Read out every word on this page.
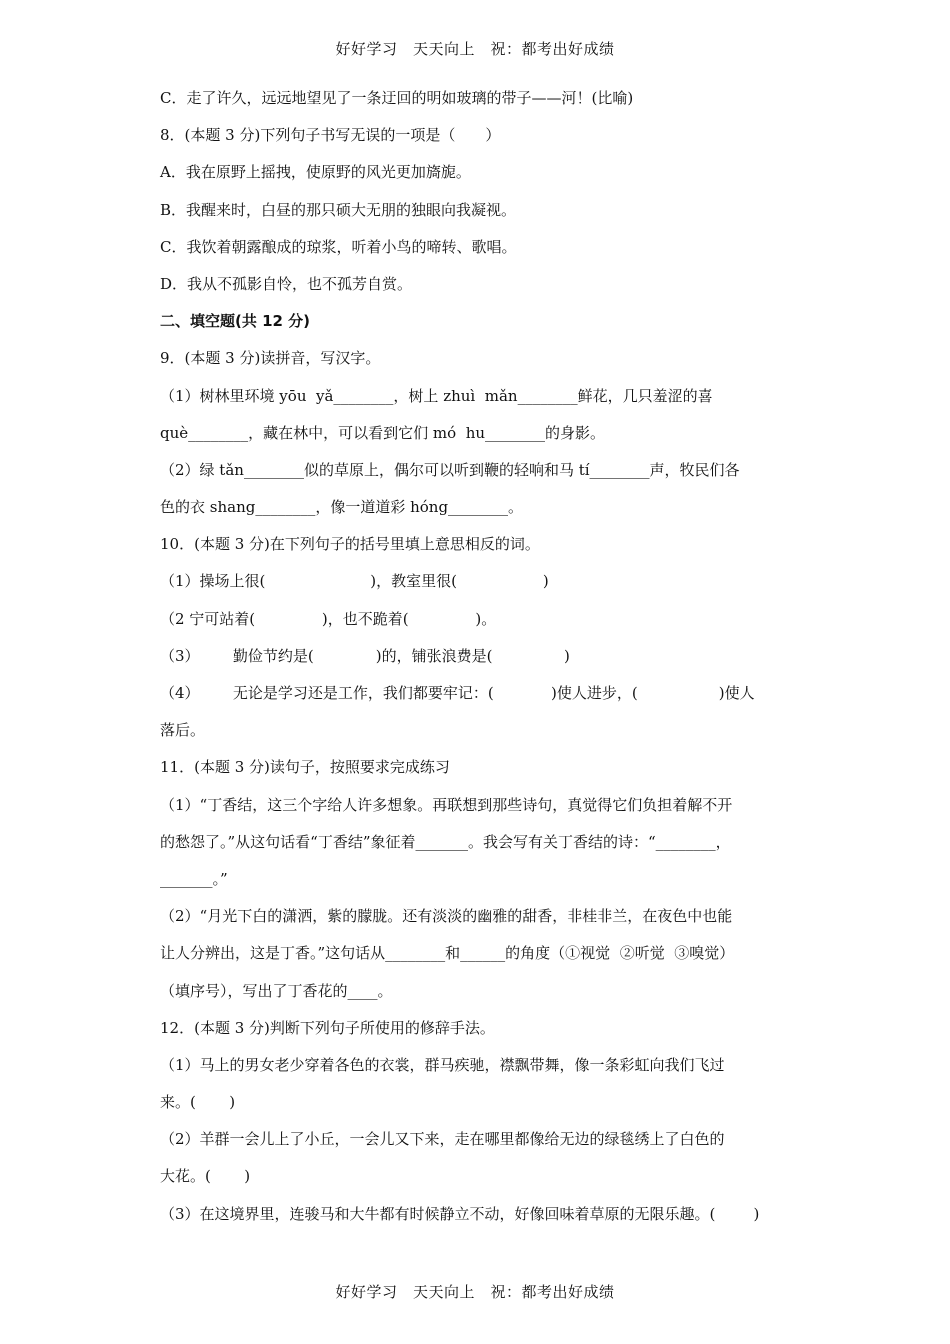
好好学习　天天向上　祝：都考出好成绩
C．走了许久，远远地望见了一条迂回的明如玻璃的带子——河！(比喻)
8．(本题 3 分)下列句子书写无误的一项是（　　）
A．我在原野上摇拽，使原野的风光更加旖旎。
B．我醒来时，白昼的那只硕大无朋的独眼向我凝视。
C．我饮着朝露酿成的琼浆，听着小鸟的啼转、歌唱。
D．我从不孤影自怜，也不孤芳自赏。
二、填空题(共 12 分)
9．(本题 3 分)读拼音，写汉字。
（1）树林里环境 yōu  yǎ________，树上 zhuì  mǎn________鲜花，几只羞涩的喜
què________，藏在林中，可以看到它们 mó  hu________的身影。
（2）绿 tǎn________似的草原上，偶尔可以听到鞭的轻响和马 tí________声，牧民们各
色的衣 shang________，像一道道彩 hóng________。
10．(本题 3 分)在下列句子的括号里填上意思相反的词。
（1）操场上很(                      )，教室里很(                  )
（2 宁可站着(              )，也不跪着(              )。
（3）       勤俭节约是(             )的，铺张浪费是(               )
（4）       无论是学习还是工作，我们都要牢记：(            )使人进步，(                 )使人
落后。
11．(本题 3 分)读句子，按照要求完成练习
（1）“丁香结，这三个字给人许多想象。再联想到那些诗句，真觉得它们负担着解不开
的愁怨了。”从这句话看“丁香结”象征着_______。我会写有关丁香结的诗：“________，
_______。”
（2）“月光下白的潇洒，紫的朦胧。还有淡淡的幽雅的甜香，非桂非兰，在夜色中也能
让人分辨出，这是丁香。”这句话从________和______的角度（①视觉  ②听觉  ③嗅觉）
（填序号），写出了丁香花的____。
12．(本题 3 分)判断下列句子所使用的修辞手法。
（1）马上的男女老少穿着各色的衣裳，群马疾驰，襟飘带舞，像一条彩虹向我们飞过
来。(       )
（2）羊群一会儿上了小丘，一会儿又下来，走在哪里都像给无边的绿毯绣上了白色的
大花。(       )
（3）在这境界里，连骏马和大牛都有时候静立不动，好像回味着草原的无限乐趣。(        )
好好学习　天天向上　祝：都考出好成绩
